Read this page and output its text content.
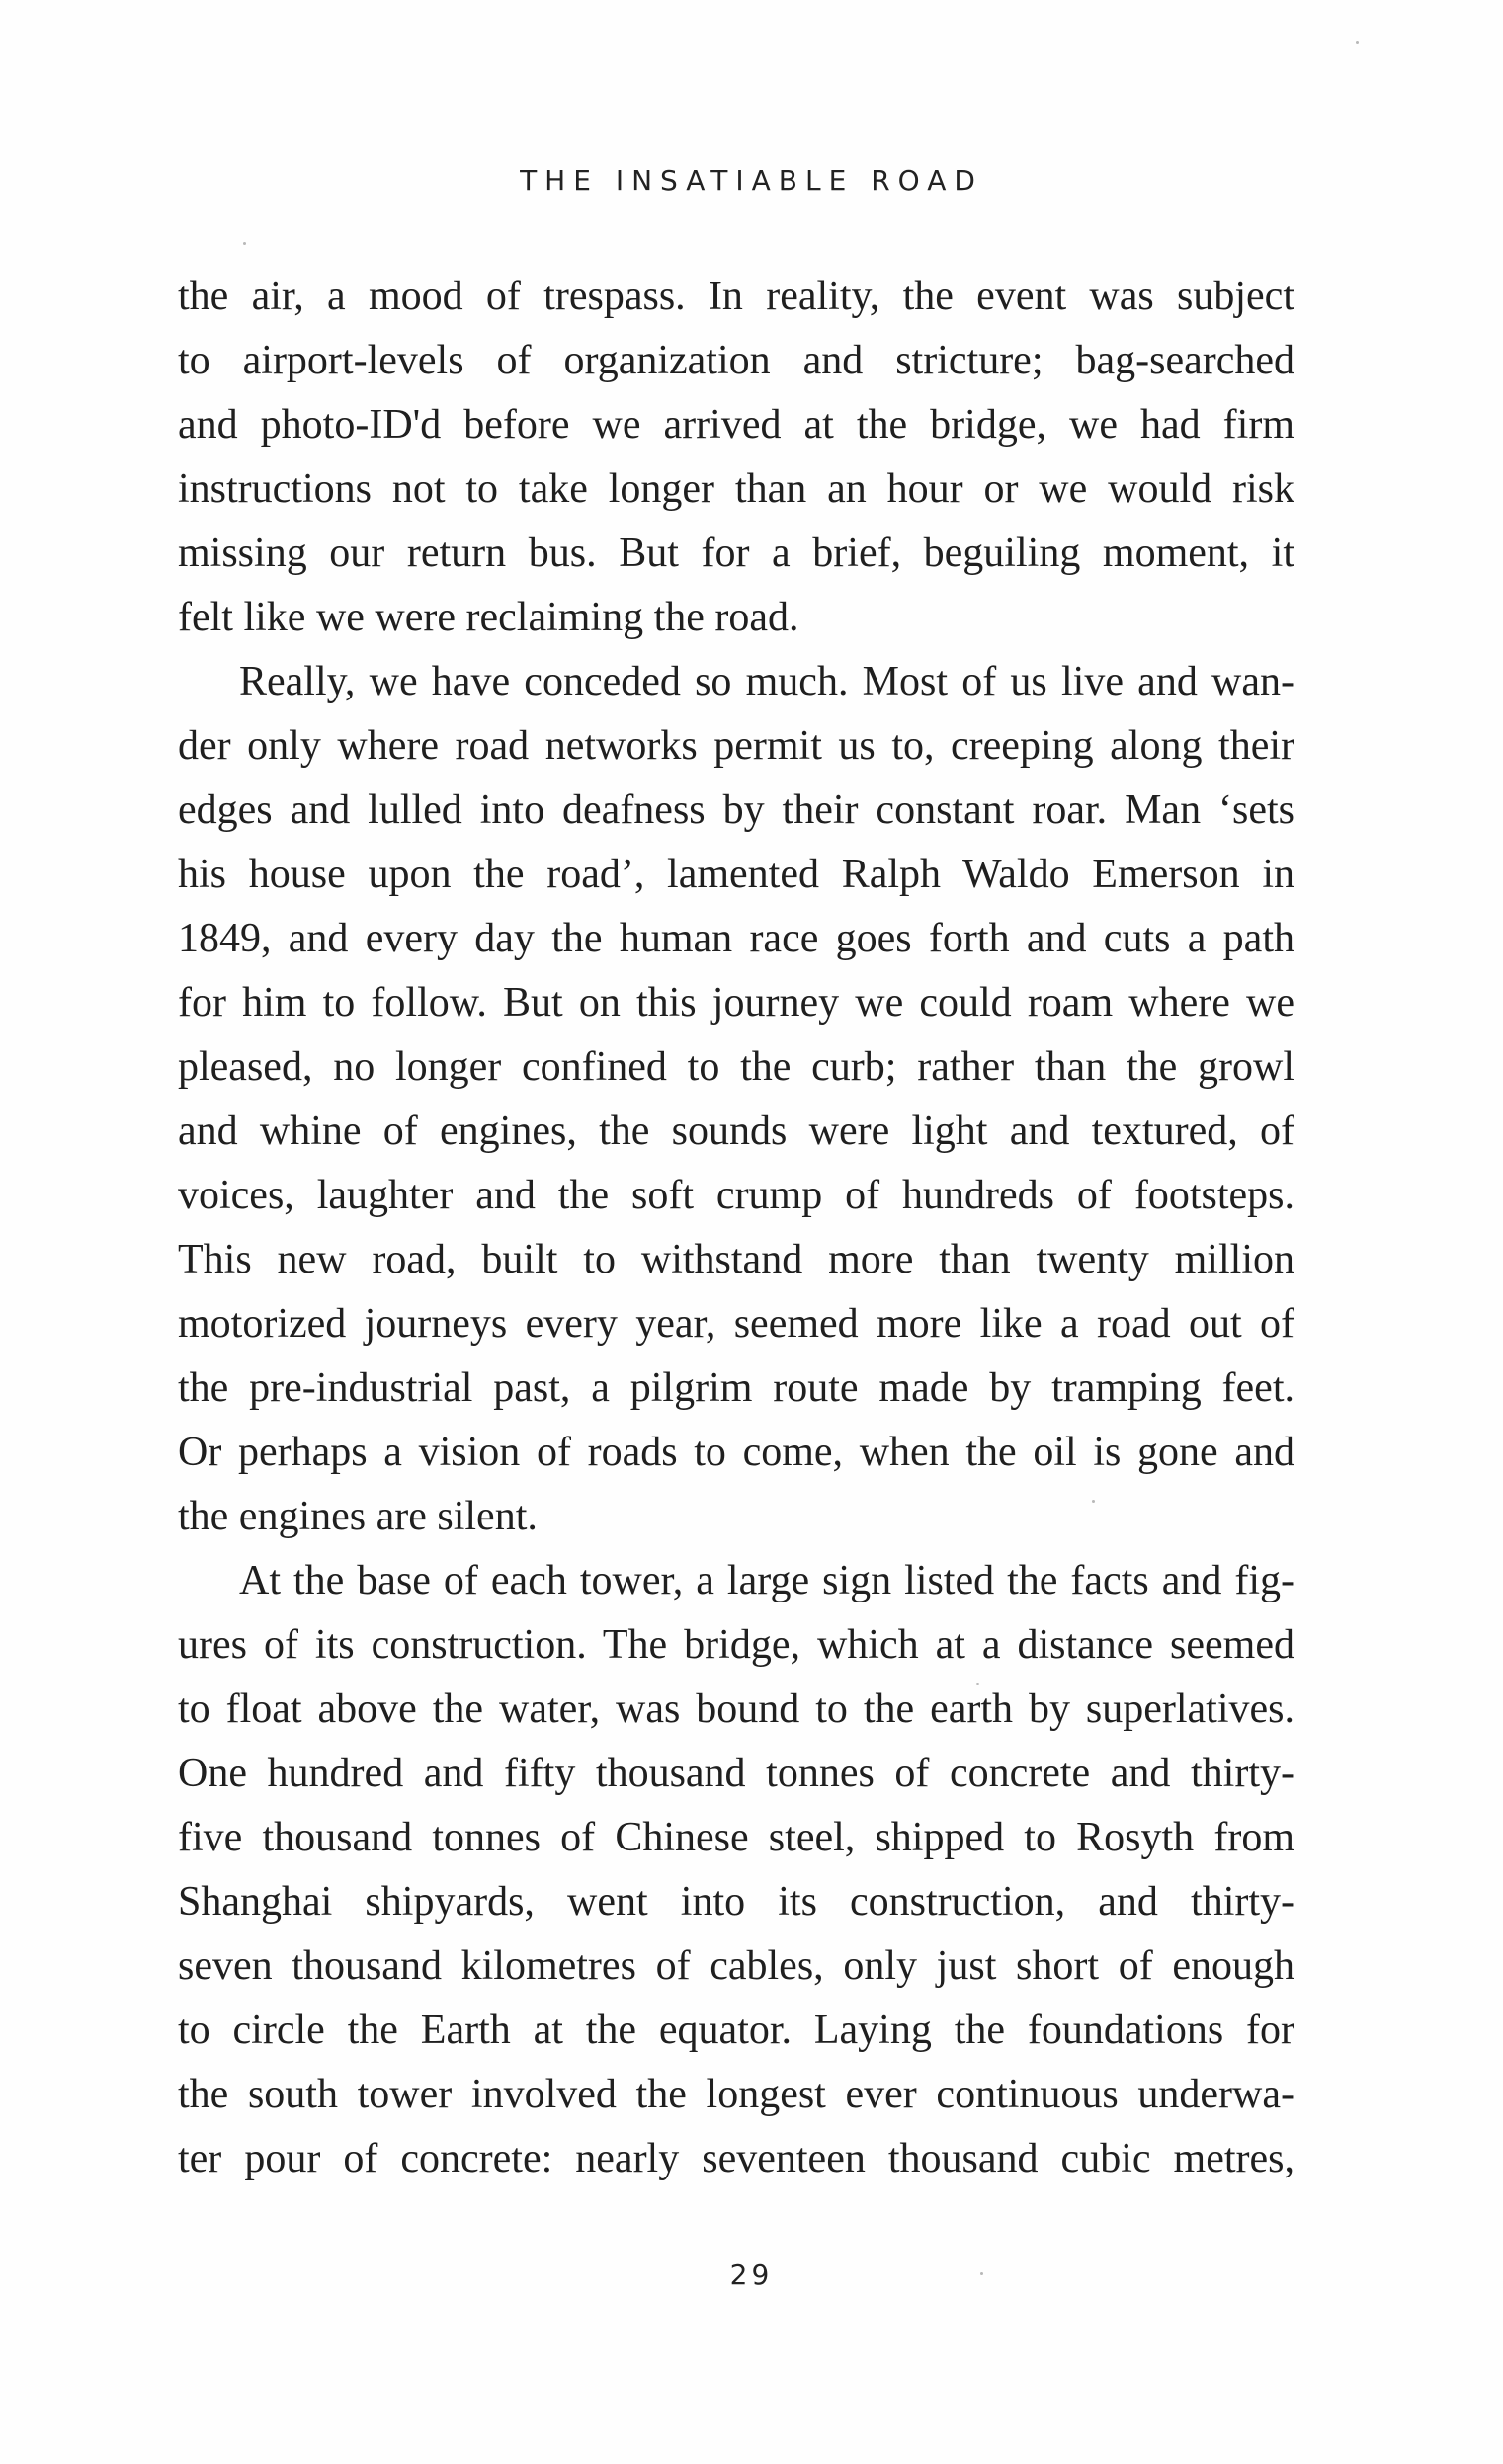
THE INSATIABLE ROAD
the air, a mood of trespass. In reality, the event was subject
to airport-levels of organization and stricture; bag-searched
and photo-ID'd before we arrived at the bridge, we had firm
instructions not to take longer than an hour or we would risk
missing our return bus. But for a brief, beguiling moment, it
felt like we were reclaiming the road.
Really, we have conceded so much. Most of us live and wan-
der only where road networks permit us to, creeping along their
edges and lulled into deafness by their constant roar. Man ‘sets
his house upon the road’, lamented Ralph Waldo Emerson in
1849, and every day the human race goes forth and cuts a path
for him to follow. But on this journey we could roam where we
pleased, no longer confined to the curb; rather than the growl
and whine of engines, the sounds were light and textured, of
voices, laughter and the soft crump of hundreds of footsteps.
This new road, built to withstand more than twenty million
motorized journeys every year, seemed more like a road out of
the pre-industrial past, a pilgrim route made by tramping feet.
Or perhaps a vision of roads to come, when the oil is gone and
the engines are silent.
At the base of each tower, a large sign listed the facts and fig-
ures of its construction. The bridge, which at a distance seemed
to float above the water, was bound to the earth by superlatives.
One hundred and fifty thousand tonnes of concrete and thirty-
five thousand tonnes of Chinese steel, shipped to Rosyth from
Shanghai shipyards, went into its construction, and thirty-
seven thousand kilometres of cables, only just short of enough
to circle the Earth at the equator. Laying the foundations for
the south tower involved the longest ever continuous underwa-
ter pour of concrete: nearly seventeen thousand cubic metres,
29
